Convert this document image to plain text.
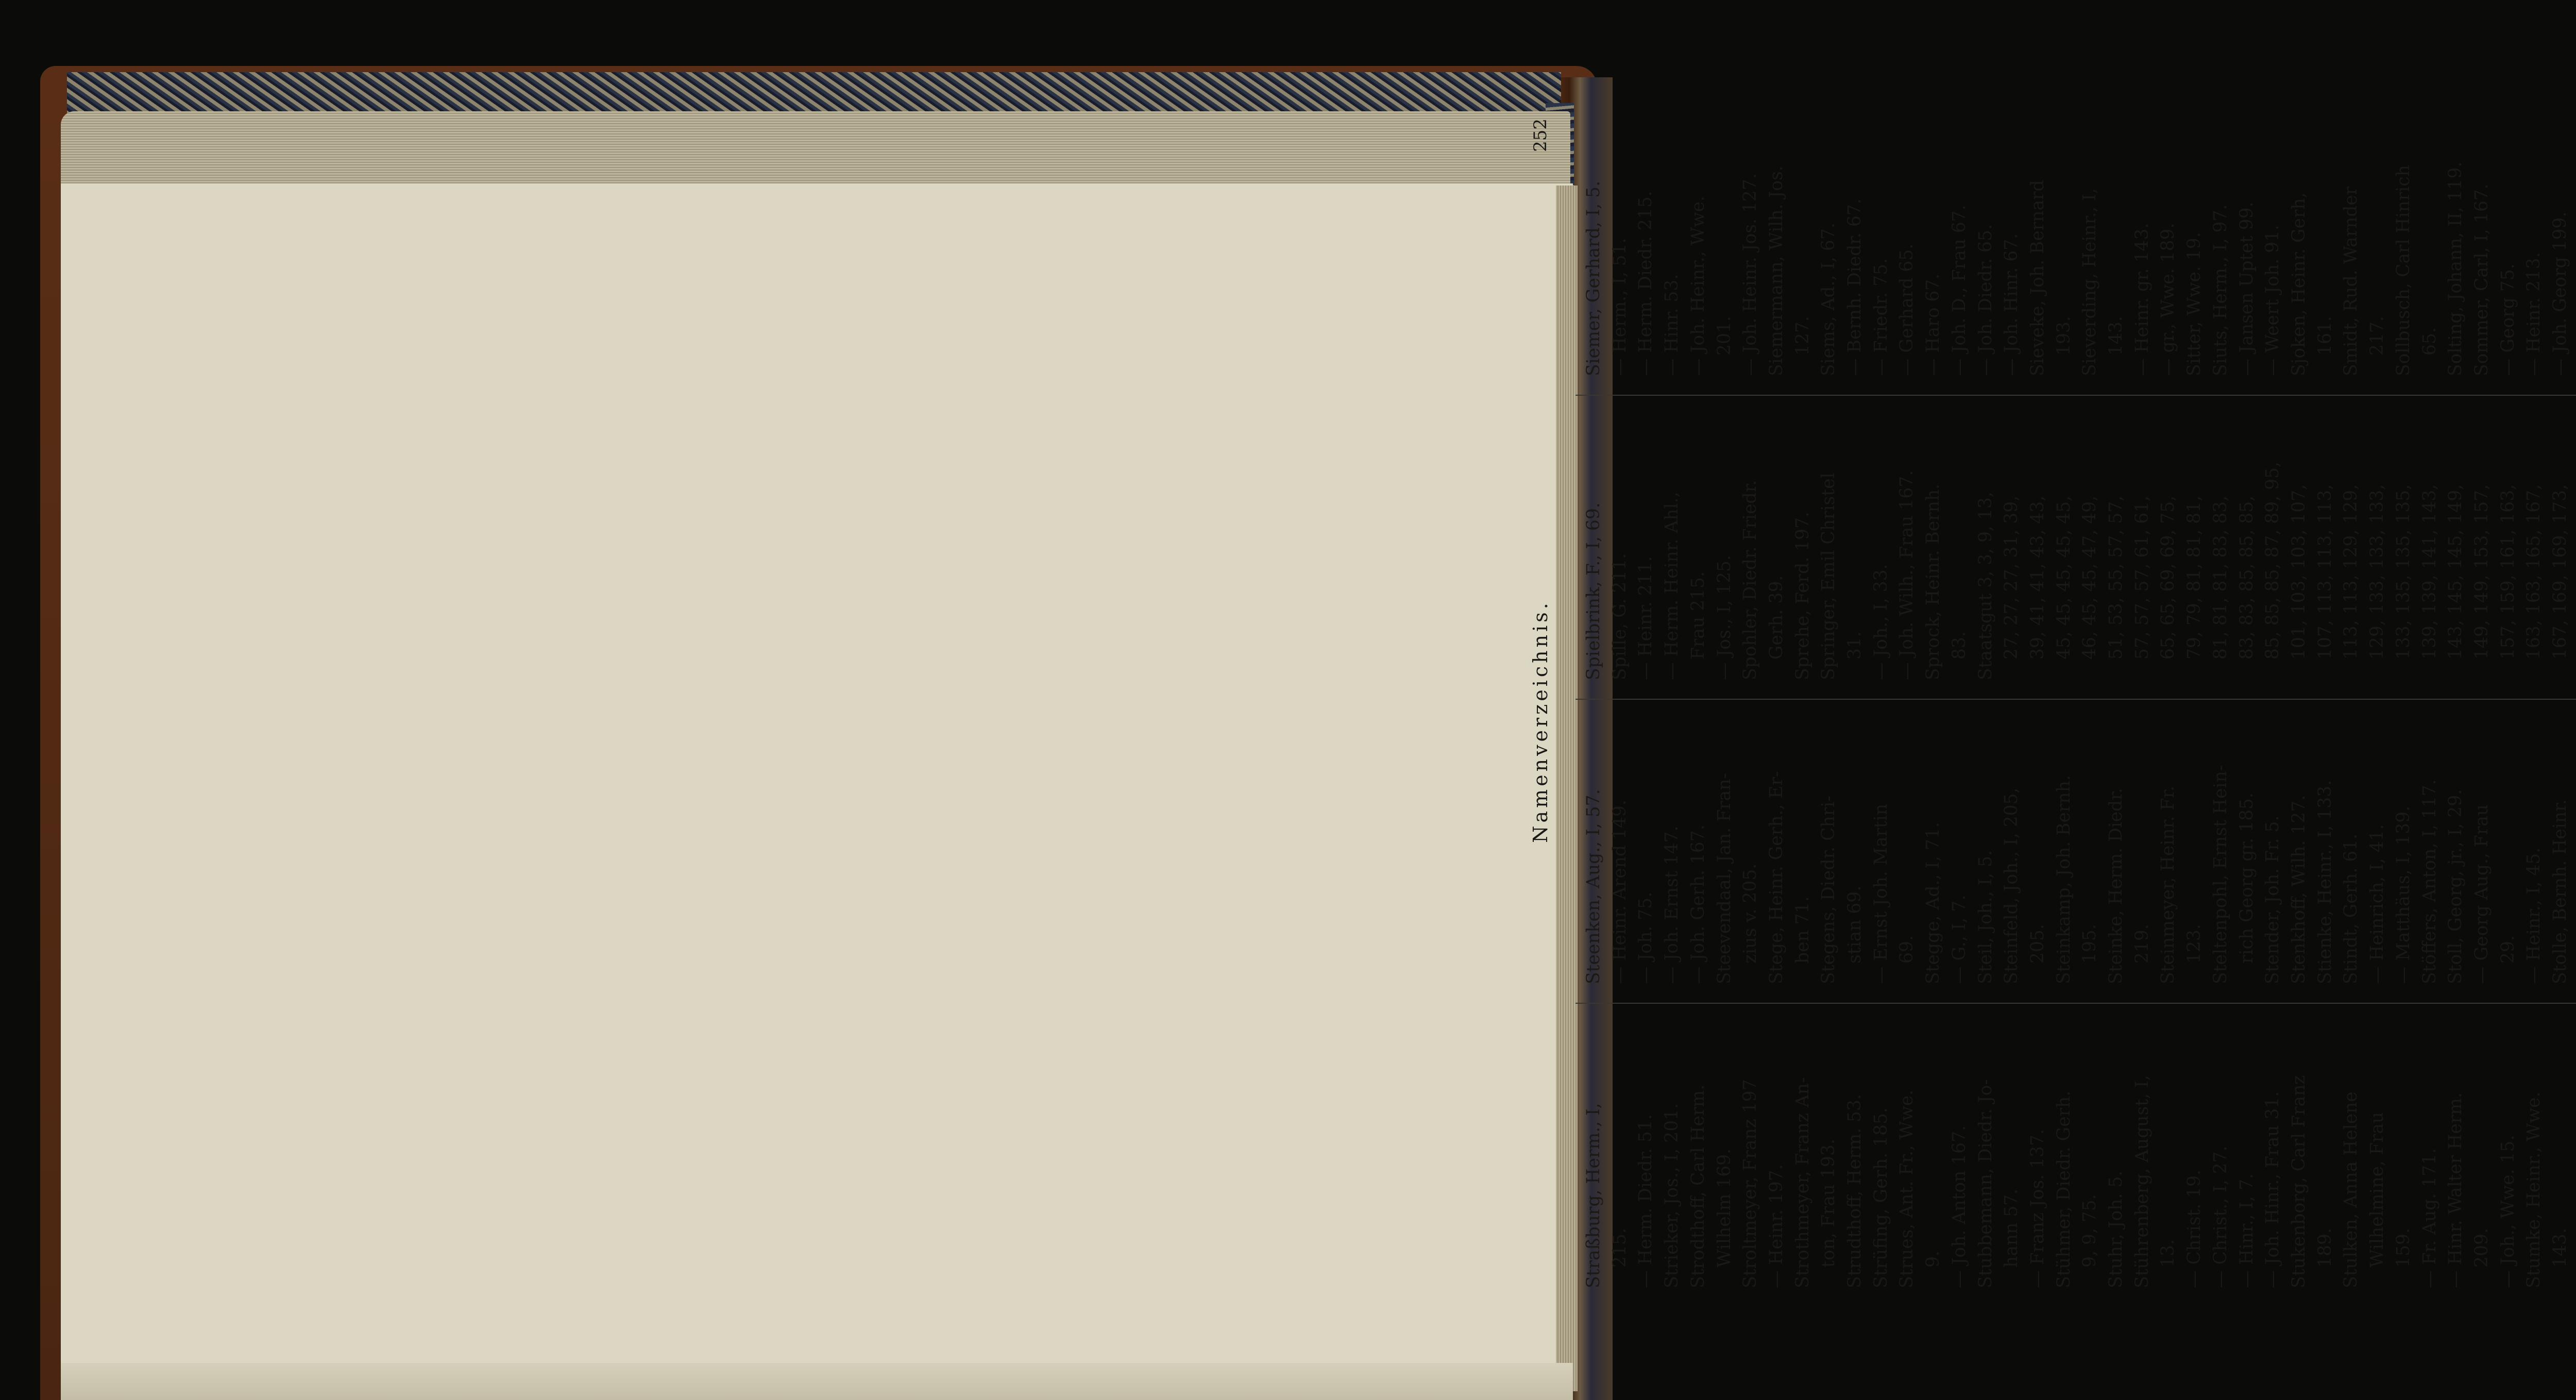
Namenverzeichnis.
252
Siemer, Gerhard, I, 5. — Herm., I, 51. — Herm. Diedr. 215. — Hinr. 53. — Joh. Heinr., Wwe. 201. — Joh. Heinr. Jos. 127. Siemermann, Wilh. Jos. 127. Siems, Ad., I, 67. — Bernh. Diedr. 67. — Friedr. 75. — Gerhard 65. — Haro 67. — Joh. D., Frau 67. — Joh. Diedr. 65. — Joh. Hinr. 67. Sieveke, Joh. Bernard 193. Sieverding, Heinr., I, 143. — Heinr. gr. 143. — gr., Wwe. 189. Sitter, Wwe. 19. Siuts, Herm., I, 97. — Jansen Uptet 99. — Weert Joh. 91. Sjoken, Heinr. Gerh, 161. Smidt, Rud. Warnder 217. Sollbusch, Carl Hinrich 65. Solting, Johann, II, 119. Sommer, Carl, I, 167. — Georg 75. — Heinr. 213. — Joh. Georg 199.
Spielbrink, F., I, 69. Spille, G. 211. — Heinr. 211. — Herm. Heinr. Ahl., Frau 215. — Jos., I, 125. Spohler, Diedr. Friedr. Gerh. 39. Sprehe, Ferd. 197. Springer, Emil Christel 31. — Joh., I, 33. — Joh. Wilh., Frau 167. Sprock, Heinr. Bernh. 83. Staatsgut 3, 3, 9, 13, 27, 27, 27, 31, 39, 39, 41, 41, 43, 43, 45, 45, 45, 45, 45, 46, 45, 45, 47, 49, 51, 53, 55, 57, 57, 57, 57, 57, 61, 61, 65, 65, 69, 69, 75, 79, 79, 81, 81, 81, 81, 81, 81, 83, 83, 83, 83, 85, 85, 85, 85, 85, 85, 87, 89, 95, 101, 103, 103, 107, 107, 113, 113, 113, 113, 113, 129, 129, 129, 133, 133, 133, 133, 135, 135, 135, 139, 139, 141, 143, 143, 145, 145, 149, 149, 149, 153, 157, 157, 159, 161, 163, 163, 163, 165, 167, 167, 169, 169, 173,
Steenken, Aug., I, 57. — Heinr. Arend 149. — Joh. 75. — Joh. Ernst 147. — Joh. Gerh. 167. Steevendaal, Jan. Fran- zius v. 205. Stege, Heinr. Gerh., Er- ben 71. Stegens, Diedr. Chri- stian 69. — Ernst Joh. Martin 69. Stegge, Ad., I, 71. — G., I, 7. Steil, Joh., I, 5. Steinfeld, Joh., I, 205, 205. Steinkamp, Joh. Bernh. 195. Steinke, Herm. Diedr. 219. Steinmeyer, Heinr. Fr. 123. Steltenpohl, Ernst Hein- rich Georg gr. 185. Stender, Joh. Fr. 5. Stenkhoff, Wilh. 127. Stienke, Heinr., I, 133. Stindt, Gerh. 61. — Heinrich, I, 41. — Matthäus, I, 139. Stöffers, Anton, I, 117. Stoll, Georg, jr., I, 29. — Georg Aug., Frau 29. — Heinr., I, 45. Stolle, Bernh. Heinr.
Straßburg, Herm., I, 215. — Herm. Diedr. 51. Strieker, Jos., I, 201. Strodthoff, Carl Herm. Wilhelm 169. Stroltmeyer, Franz 197 — Heinr. 197. Strothmeyer, Franz An- ton, Frau 193. Strudthoff, Herm. 53. Strüfing, Gerh. 185. Strues, Ant. Fr., Wwe. 9. — Joh. Anton 167. Stubbemann, Diedr. Jo- hann 57. — Franz Jos. 137. Stühmer, Diedr. Gerh. 9, 9, 75. Stuhr, Joh. 5. Stührenberg, August, I, 13. — Christ. 19. — Christ., I, 27. — Hinr., I, 7. — Joh. Hinr., Frau 31. Stukenborg, Carl Franz 189. Stulken, Anna Helene Wilhelmine, Frau 159. — Fr. Aug. 171. — Hinr. Walter Herm. 209. — Joh., Wwe. 15. Stumke, Heinr., Wwe. 143.
